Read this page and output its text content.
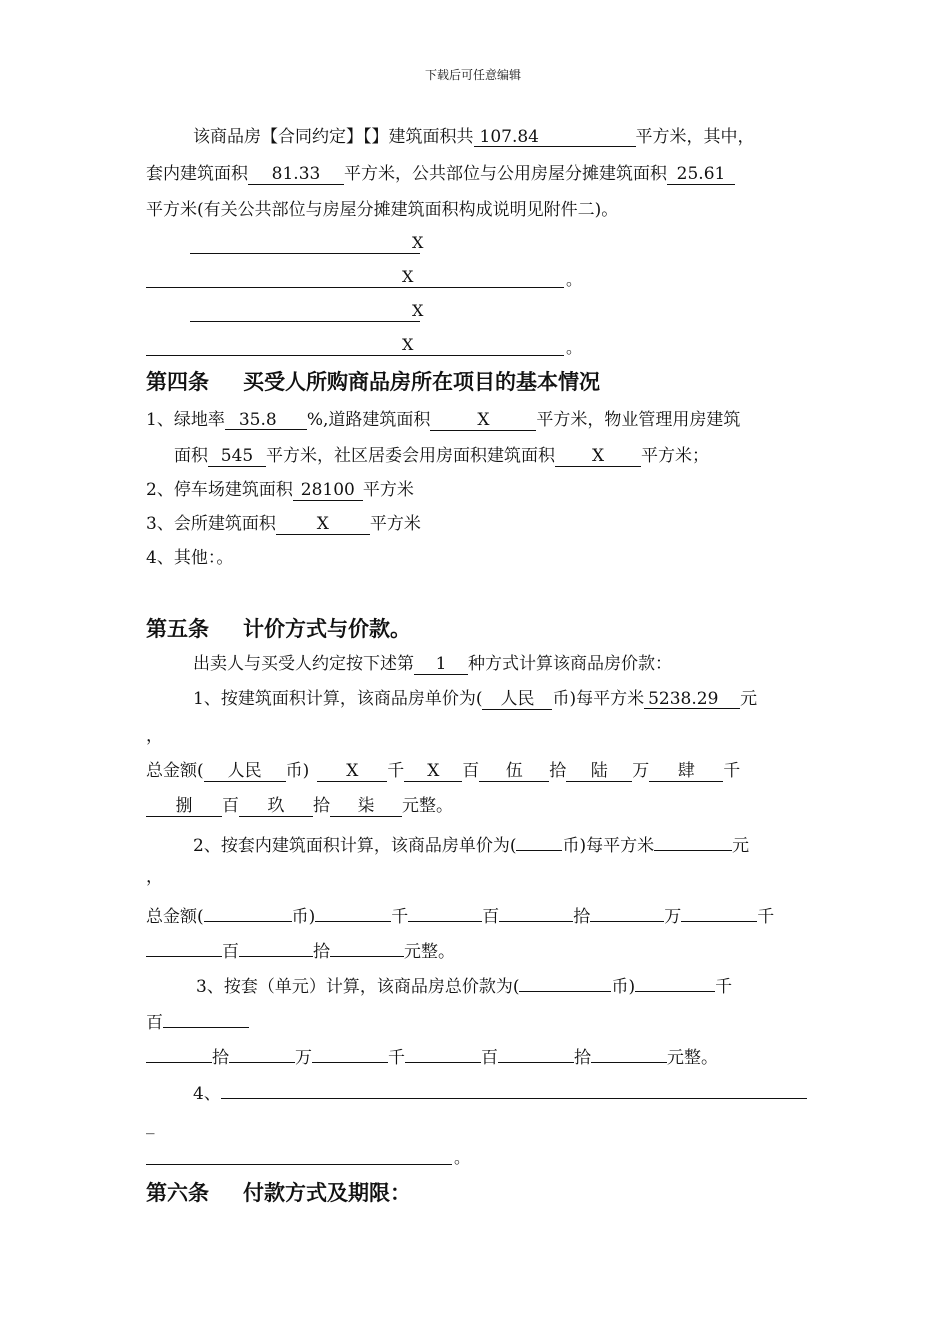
下载后可任意编辑
该商品房【合同约定】【】建筑面积共 107.84	平方米，其中，
套内建筑面积 81.33 平方米，公共部位与公用房屋分摊建筑面积 25.61
平方米(有关公共部位与房屋分摊建筑面积构成说明见附件二)。
X
X	。
X
X	。
第四条 买受人所购商品房所在项目的基本情况
1、绿地率 35.8 %,道路建筑面积	X	平方米，物业管理用房建筑
面积 545 平方米，社区居委会用房面积建筑面积 X 平方米；
2、停车场建筑面积 28100 平方米
3、会所建筑面积 X 平方米
4、其他：。
第五条 计价方式与价款。
出卖人与买受人约定按下述第 1 种方式计算该商品房价款：
1、按建筑面积计算，该商品房单价为( 人民 币)每平方米 5238.29 元
，
总金额( 人民 币) X 千 X 百 伍 拾 陆 万 肆 千
捌 百 玖 拾 柒 元整。
2、按套内建筑面积计算，该商品房单价为(	币)每平方米	元
，
总金额(	币)	千	百	拾	万	千
百	拾	元整。
3、按套（单元）计算，该商品房总价款为(	币)	千
百
拾	万	千	百	拾	元整。
4、
_
。
第六条 付款方式及期限：
